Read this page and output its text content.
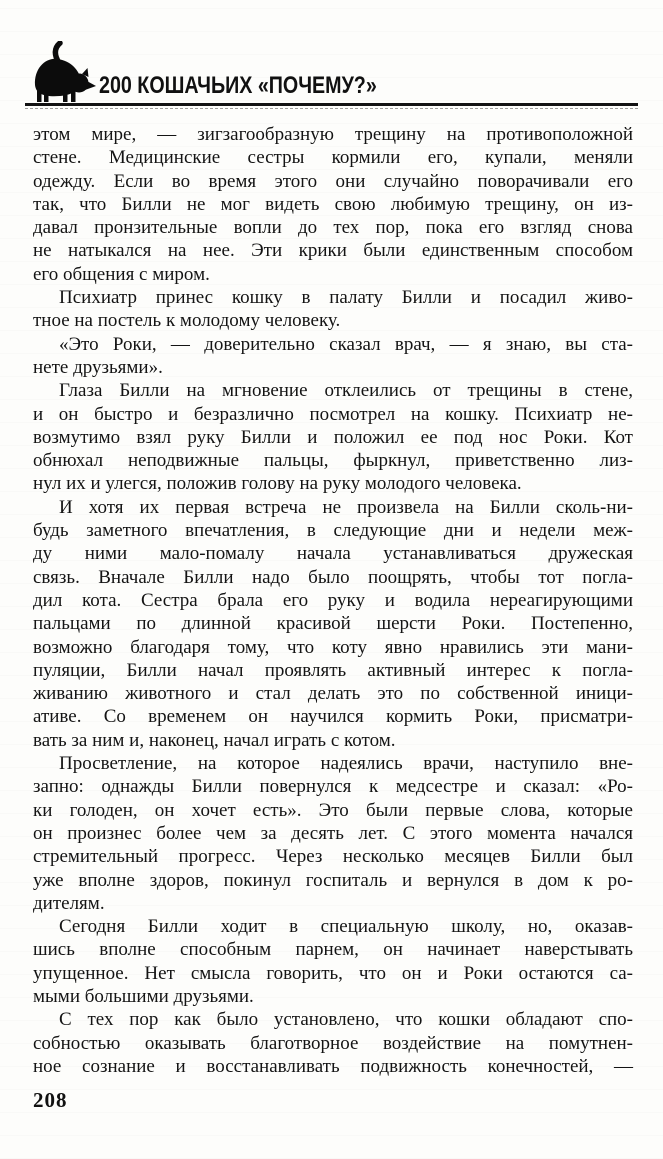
200 КОШАЧЬИХ «ПОЧЕМУ?»
этом мире, — зигзагообразную трещину на противоположной
стене. Медицинские сестры кормили его, купали, меняли
одежду. Если во время этого они случайно поворачивали его
так, что Билли не мог видеть свою любимую трещину, он из-
давал пронзительные вопли до тех пор, пока его взгляд снова
не натыкался на нее. Эти крики были единственным способом
его общения с миром.
Психиатр принес кошку в палату Билли и посадил живо-
тное на постель к молодому человеку.
«Это Роки, — доверительно сказал врач, — я знаю, вы ста-
нете друзьями».
Глаза Билли на мгновение отклеились от трещины в стене,
и он быстро и безразлично посмотрел на кошку. Психиатр не-
возмутимо взял руку Билли и положил ее под нос Роки. Кот
обнюхал неподвижные пальцы, фыркнул, приветственно лиз-
нул их и улегся, положив голову на руку молодого человека.
И хотя их первая встреча не произвела на Билли сколь-ни-
будь заметного впечатления, в следующие дни и недели меж-
ду ними мало-помалу начала устанавливаться дружеская
связь. Вначале Билли надо было поощрять, чтобы тот погла-
дил кота. Сестра брала его руку и водила нереагирующими
пальцами по длинной красивой шерсти Роки. Постепенно,
возможно благодаря тому, что коту явно нравились эти мани-
пуляции, Билли начал проявлять активный интерес к погла-
живанию животного и стал делать это по собственной иници-
ативе. Со временем он научился кормить Роки, присматри-
вать за ним и, наконец, начал играть с котом.
Просветление, на которое надеялись врачи, наступило вне-
запно: однажды Билли повернулся к медсестре и сказал: «Ро-
ки голоден, он хочет есть». Это были первые слова, которые
он произнес более чем за десять лет. С этого момента начался
стремительный прогресс. Через несколько месяцев Билли был
уже вполне здоров, покинул госпиталь и вернулся в дом к ро-
дителям.
Сегодня Билли ходит в специальную школу, но, оказав-
шись вполне способным парнем, он начинает наверстывать
упущенное. Нет смысла говорить, что он и Роки остаются са-
мыми большими друзьями.
С тех пор как было установлено, что кошки обладают спо-
собностью оказывать благотворное воздействие на помутнен-
ное сознание и восстанавливать подвижность конечностей, —
208
